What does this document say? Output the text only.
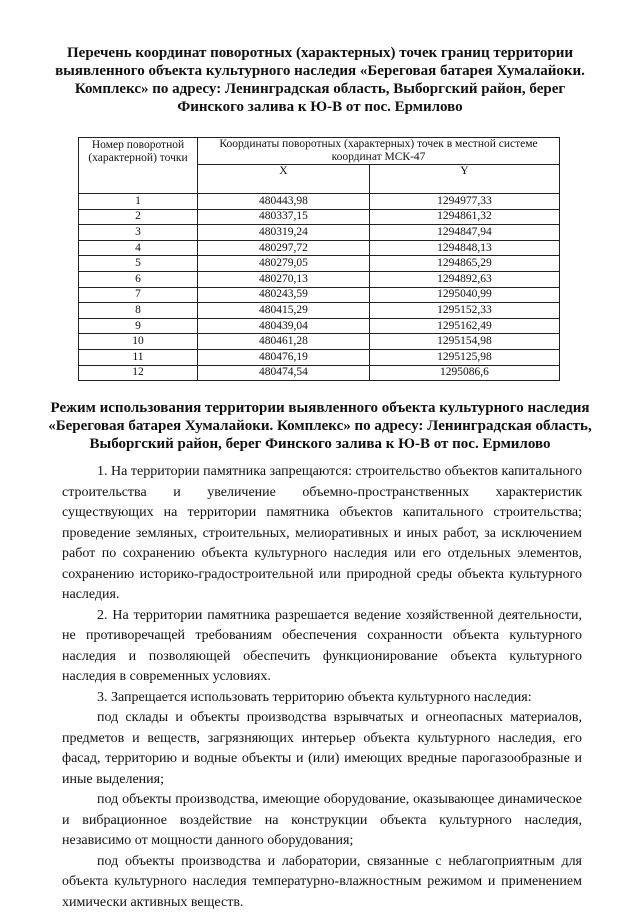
Перечень координат поворотных (характерных) точек границ территории выявленного объекта культурного наследия «Береговая батарея Хумалайоки. Комплекс» по адресу: Ленинградская область, Выборгский район, берег Финского залива к Ю-В от пос. Ермилово
Номер поворотной (характерной) точки	Координаты поворотных (характерных) точек в местной системе координат МСК-47	
	X	Y
1	480443,98	1294977,33
2	480337,15	1294861,32
3	480319,24	1294847,94
4	480297,72	1294848,13
5	480279,05	1294865,29
6	480270,13	1294892,63
7	480243,59	1295040,99
8	480415,29	1295152,33
9	480439,04	1295162,49
10	480461,28	1295154,98
11	480476,19	1295125,98
12	480474,54	1295086,6
Режим использования территории выявленного объекта культурного наследия «Береговая батарея Хумалайоки. Комплекс» по адресу: Ленинградская область, Выборгский район, берег Финского залива к Ю-В от пос. Ермилово

1. На территории памятника запрещаются: строительство объектов капитального строительства и увеличение объемно-пространственных характеристик существующих на территории памятника объектов капитального строительства; проведение земляных, строительных, мелиоративных и иных работ, за исключением работ по сохранению объекта культурного наследия или его отдельных элементов, сохранению историко-градостроительной или природной среды объекта культурного наследия.

2. На территории памятника разрешается ведение хозяйственной деятельности, не противоречащей требованиям обеспечения сохранности объекта культурного наследия и позволяющей обеспечить функционирование объекта культурного наследия в современных условиях.

3. Запрещается использовать территорию объекта культурного наследия:

под склады и объекты производства взрывчатых и огнеопасных материалов, предметов и веществ, загрязняющих интерьер объекта культурного наследия, его фасад, территорию и водные объекты и (или) имеющих вредные парогазообразные и иные выделения;

под объекты производства, имеющие оборудование, оказывающее динамическое и вибрационное воздействие на конструкции объекта культурного наследия, независимо от мощности данного оборудования;

под объекты производства и лаборатории, связанные с неблагоприятным для объекта культурного наследия температурно-влажностным режимом и применением химически активных веществ.
